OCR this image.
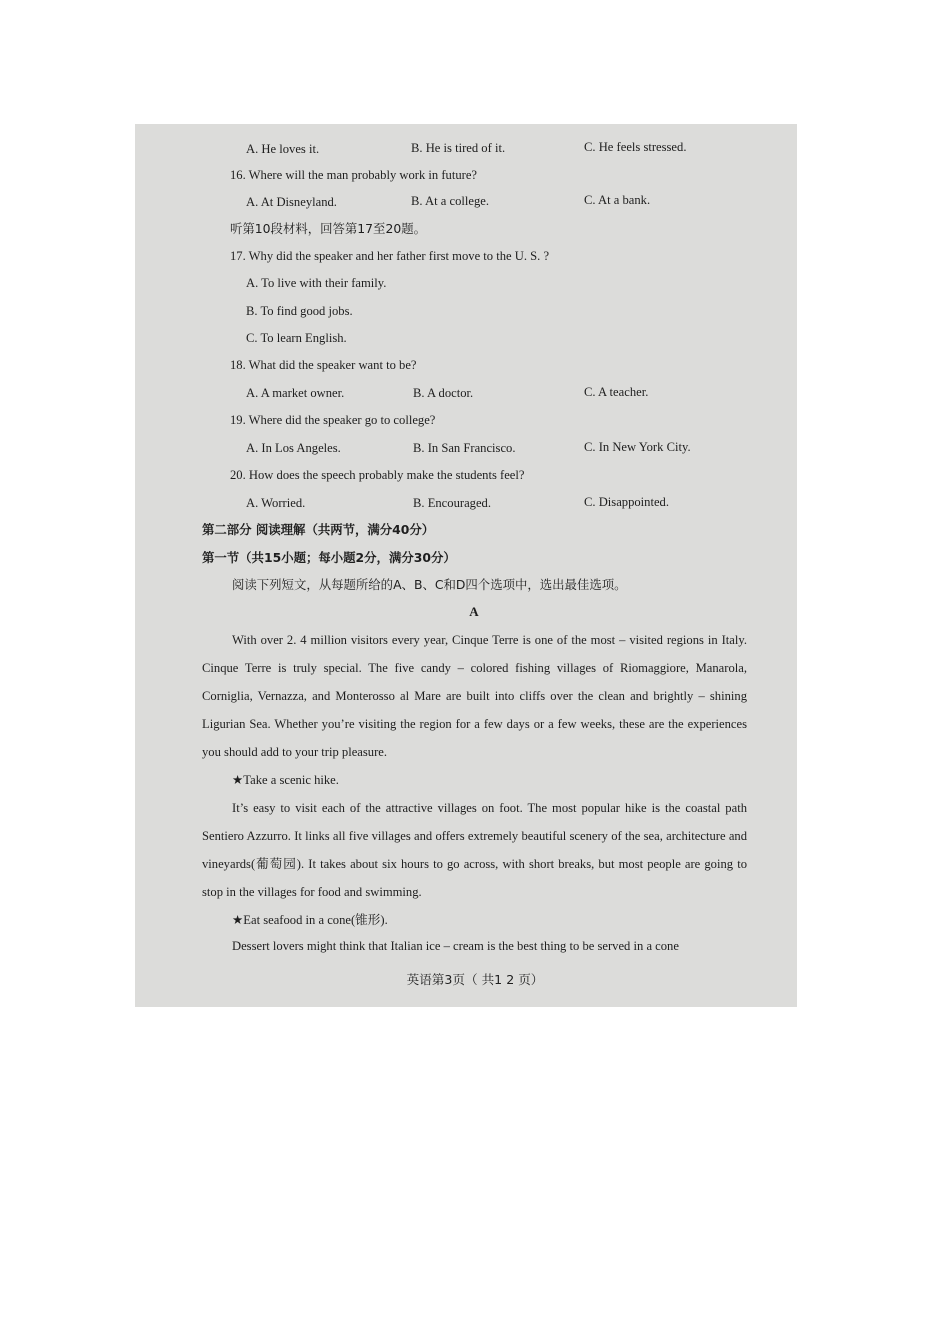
A. He loves it.	B. He is tired of it.	C. He feels stressed.
16. Where will the man probably work in future?
A. At Disneyland.	B. At a college.	C. At a bank.
听第10段材料，回答第17至20题。
17. Why did the speaker and her father first move to the U. S. ?
A. To live with their family.
B. To find good jobs.
C. To learn English.
18. What did the speaker want to be?
A. A market owner.	B. A doctor.	C. A teacher.
19. Where did the speaker go to college?
A. In Los Angeles.	B. In San Francisco.	C. In New York City.
20. How does the speech probably make the students feel?
A. Worried.	B. Encouraged.	C. Disappointed.
第二部分 阅读理解（共两节，满分40分）
第一节（共15小题；每小题2分，满分30分）
阅读下列短文，从每题所给的A、B、C和D四个选项中，选出最佳选项。
A
With over 2. 4 million visitors every year, Cinque Terre is one of the most – visited regions in Italy. Cinque Terre is truly special. The five candy – colored fishing villages of Riomaggiore, Manarola, Corniglia, Vernazza, and Monterosso al Mare are built into cliffs over the clean and brightly – shining Ligurian Sea. Whether you’re visiting the region for a few days or a few weeks, these are the experiences you should add to your trip pleasure.
★Take a scenic hike.
It’s easy to visit each of the attractive villages on foot. The most popular hike is the coastal path Sentiero Azzurro. It links all five villages and offers extremely beautiful scenery of the sea, architecture and vineyards(葡萄园). It takes about six hours to go across, with short breaks, but most people are going to stop in the villages for food and swimming.
★Eat seafood in a cone(锥形).
Dessert lovers might think that Italian ice – cream is the best thing to be served in a cone
英语第3页（ 共1 2 页）
